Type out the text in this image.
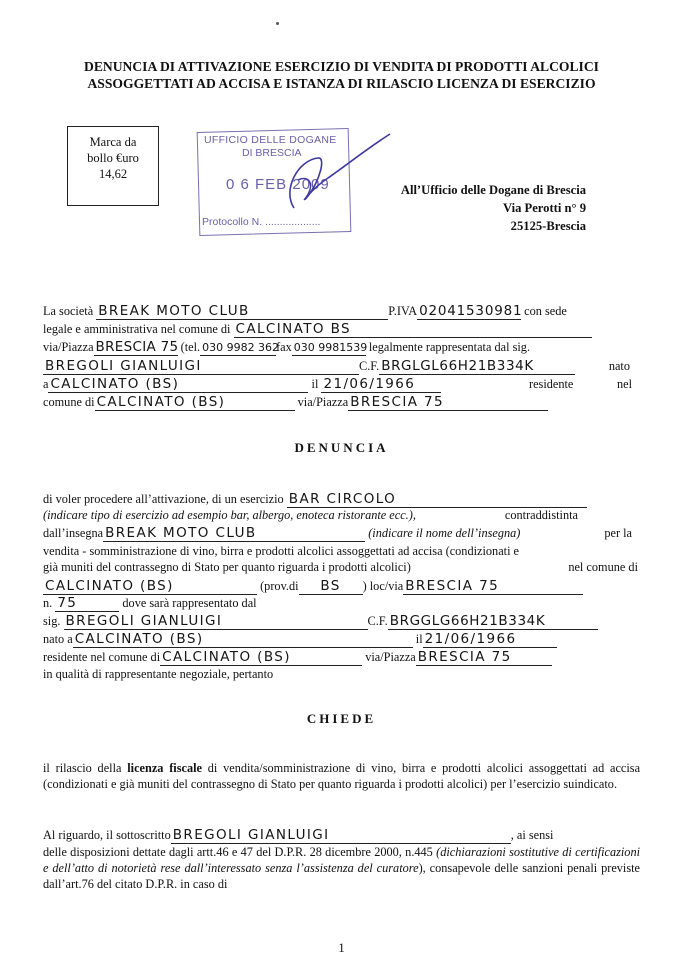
DENUNCIA DI ATTIVAZIONE ESERCIZIO DI VENDITA DI PRODOTTI ALCOLICI
ASSOGGETTATI AD ACCISA E ISTANZA DI RILASCIO LICENZA DI ESERCIZIO
Marca da
bollo €uro
14,62
UFFICIO DELLE DOGANE
DI BRESCIA
0 6 FEB 2009
Protocollo N. ...................
All’Ufficio delle Dogane di Brescia
Via Perotti n° 9
25125-Brescia
La società BREAK MOTO CLUB	P.IVA 02041530981 con sede
legale e amministrativa nel comune di CALCINATO BS
via/Piazza BRESCIA 75 (tel. 030 9982 362fax 030 9981539 legalmente rappresentata dal sig.
BREGOLI GIANLUIGI	C.F. BRGLGL66H21B334K	nato
a CALCINATO (BS)	il 21/06/1966	residente	nel
comune di CALCINATO (BS)	via/Piazza BRESCIA 75
DENUNCIA
di voler procedere all’attivazione, di un esercizio BAR CIRCOLO
(indicare tipo di esercizio ad esempio bar, albergo, enoteca ristorante ecc.),	contraddistinta
dall’insegna BREAK MOTO CLUB	(indicare il nome dell’insegna)	per la
vendita - somministrazione di vino, birra e prodotti alcolici assoggettati ad accisa (condizionati e
già muniti del contrassegno di Stato per quanto riguarda i prodotti alcolici)	nel comune di
CALCINATO (BS)	(prov.di BS ) loc/via BRESCIA 75
n. 75	dove sarà rappresentato dal
sig. BREGOLI GIANLUIGI	C.F. BRGGLG66H21B334K
nato a CALCINATO (BS)	il 21/06/1966
residente nel comune di CALCINATO (BS)	via/Piazza BRESCIA 75
in qualità di rappresentante negoziale, pertanto
CHIEDE
il rilascio della licenza fiscale di vendita/somministrazione di vino, birra e prodotti alcolici assoggettati ad accisa (condizionati e già muniti del contrassegno di Stato per quanto riguarda i prodotti alcolici) per l’esercizio suindicato.
Al riguardo, il sottoscritto BREGOLI GIANLUIGI	, ai sensi
delle disposizioni dettate dagli artt.46 e 47 del D.P.R. 28 dicembre 2000, n.445 (dichiarazioni sostitutive di certificazioni e dell’atto di notorietà rese dall’interessato senza l’assistenza del curatore), consapevole delle sanzioni penali previste dall’art.76 del citato D.P.R. in caso di
1
